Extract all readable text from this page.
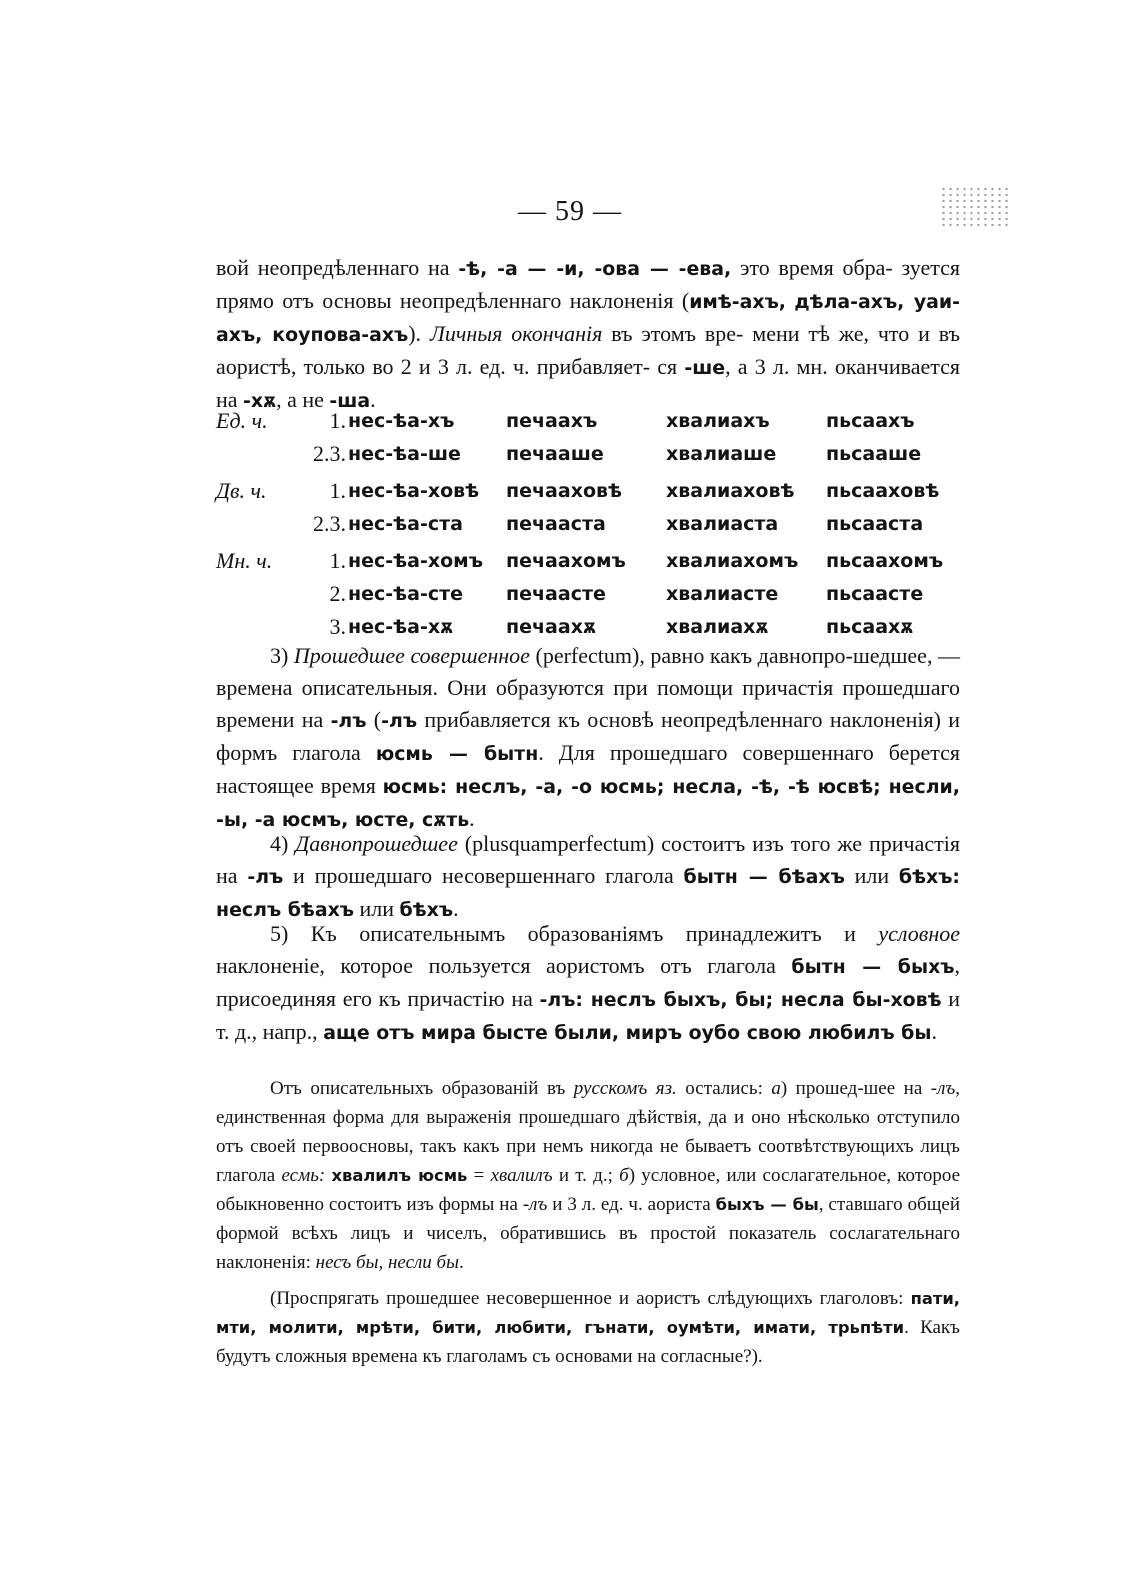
— 59 —

вой неопредѣленнаго на -ѣ, -а — -и, -ова — -ева, это время обра- зуется прямо отъ основы неопредѣленнаго наклоненія (имѣ-ахъ, дѣла-ахъ, уаи-ахъ, коупова-ахъ). Личныя окончанія въ этомъ вре- мени тѣ же, что и въ аористѣ, только во 2 и 3 л. ед. ч. прибавляет- ся -ше, а 3 л. мн. оканчивается на -хѫ, а не -ша.

Ед. ч.	1. нес-ѣа-хъ	печаахъ	хвалиахъ	пьсаахъ
2.3. нес-ѣа-ше печааше	хвалиаше	пьсааше
Дв. ч.	1. нес-ѣа-ховѣ печааховѣ хвалиаховѣ пьсааховѣ
2.3. нес-ѣа-ста печааста	хвалиаста	пьсааста
Мн. ч.	1. нес-ѣа-хомъ печаахомъ хвалиахомъ пьсаахомъ
2. нес-ѣа-сте печаасте	хвалиасте	пьсаасте
3. нес-ѣа-хѫ	печаахѫ	хвалиахѫ	пьсаахѫ

3) Прошедшее совершенное (perfectum), равно какъ давнопро-шедшее, — времена описательныя. Они образуются при помощи причастія прошедшаго времени на -лъ (-лъ прибавляется къ основѣ неопредѣленнаго наклоненія) и формъ глагола юсмь — бытн. Для прошедшаго совершеннаго берется настоящее время юсмь: неслъ, -а, -о юсмь; несла, -ѣ, -ѣ юсвѣ; несли, -ы, -а юсмъ, юсте, сѫть.

4) Давнопрошедшее (plusquamperfectum) состоитъ изъ того же причастія на -лъ и прошедшаго несовершеннаго глагола бытн — бѣахъ или бѣхъ: неслъ бѣахъ или бѣхъ.

5) Къ описательнымъ образованіямъ принадлежитъ и условное наклоненіе, которое пользуется аористомъ отъ глагола бытн — быхъ, присоединяя его къ причастію на -лъ: неслъ быхъ, бы; несла бы-ховѣ и т. д., напр., аще отъ мира бысте были, миръ оубо свою любилъ бы.

Отъ описательныхъ образованій въ русскомъ яз. остались: а) прошед-шее на -лъ, единственная форма для выраженія прошедшаго дѣйствія, да и оно нѣсколько отступило отъ своей первоосновы, такъ какъ при немъ никогда не бываетъ соотвѣтствующихъ лицъ глагола есмь: хвалилъ юсмь = хвалилъ и т. д.; б) условное, или сослагательное, которое обыкновенно состоитъ изъ формы на -лъ и 3 л. ед. ч. аориста быхъ — бы, ставшаго общей формой всѣхъ лицъ и чиселъ, обратившись въ простой показатель сослагательнаго наклоненія: несъ бы, несли бы.

(Проспрягать прошедшее несовершенное и аористъ слѣдующихъ глаголовъ: пати, мти, молити, мрѣти, бити, любити, гънати, оумѣти, имати, трьпѣти. Какъ будутъ сложныя времена къ глаголамъ съ основами на согласные?).
